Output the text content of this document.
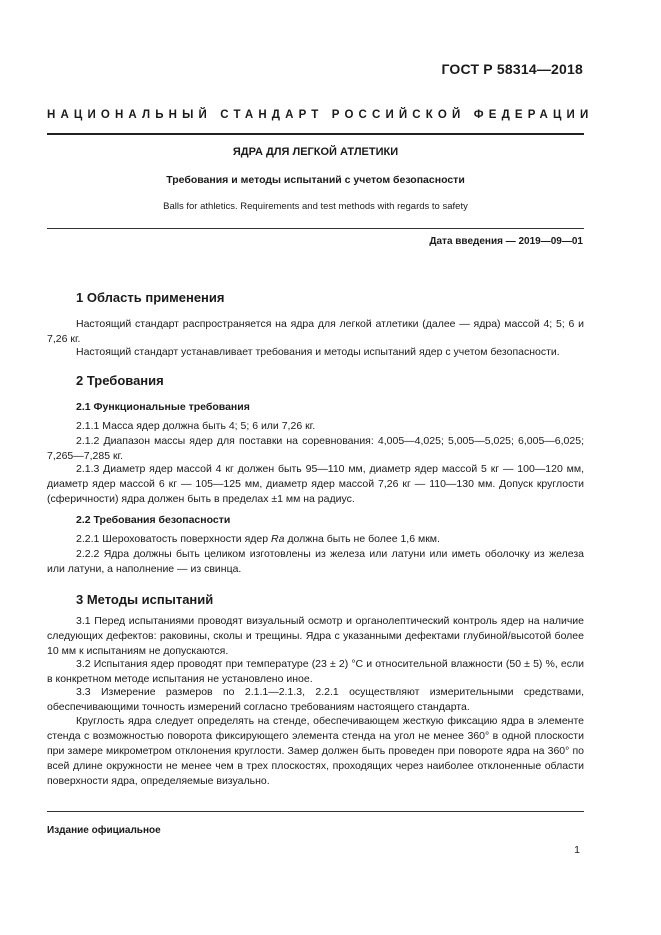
ГОСТ Р 58314—2018
НАЦИОНАЛЬНЫЙ СТАНДАРТ РОССИЙСКОЙ ФЕДЕРАЦИИ
ЯДРА ДЛЯ ЛЕГКОЙ АТЛЕТИКИ
Требования и методы испытаний с учетом безопасности
Balls for athletics. Requirements and test methods with regards to safety
Дата введения — 2019—09—01
1 Область применения

Настоящий стандарт распространяется на ядра для легкой атлетики (далее — ядра) массой 4; 5; 6 и 7,26 кг.

Настоящий стандарт устанавливает требования и методы испытаний ядер с учетом безопасности.

2 Требования
2.1 Функциональные требования

2.1.1 Масса ядер должна быть 4; 5; 6 или 7,26 кг.

2.1.2 Диапазон массы ядер для поставки на соревнования: 4,005—4,025; 5,005—5,025; 6,005—6,025; 7,265—7,285 кг.

2.1.3 Диаметр ядер массой 4 кг должен быть 95—110 мм, диаметр ядер массой 5 кг — 100—120 мм, диаметр ядер массой 6 кг — 105—125 мм, диаметр ядер массой 7,26 кг — 110—130 мм. Допуск круглости (сферичности) ядра должен быть в пределах ±1 мм на радиус.

2.2 Требования безопасности

2.2.1 Шероховатость поверхности ядер Ra должна быть не более 1,6 мкм.

2.2.2 Ядра должны быть целиком изготовлены из железа или латуни или иметь оболочку из железа или латуни, а наполнение — из свинца.

3 Методы испытаний

3.1 Перед испытаниями проводят визуальный осмотр и органолептический контроль ядер на наличие следующих дефектов: раковины, сколы и трещины. Ядра с указанными дефектами глубиной/высотой более 10 мм к испытаниям не допускаются.

3.2 Испытания ядер проводят при температуре (23 ± 2) °C и относительной влажности (50 ± 5) %, если в конкретном методе испытания не установлено иное.

3.3 Измерение размеров по 2.1.1—2.1.3, 2.2.1 осуществляют измерительными средствами, обеспечивающими точность измерений согласно требованиям настоящего стандарта.

Круглость ядра следует определять на стенде, обеспечивающем жесткую фиксацию ядра в элементе стенда с возможностью поворота фиксирующего элемента стенда на угол не менее 360° в одной плоскости при замере микрометром отклонения круглости. Замер должен быть проведен при повороте ядра на 360° по всей длине окружности не менее чем в трех плоскостях, проходящих через наиболее отклоненные области поверхности ядра, определяемые визуально.

Издание официальное
1
